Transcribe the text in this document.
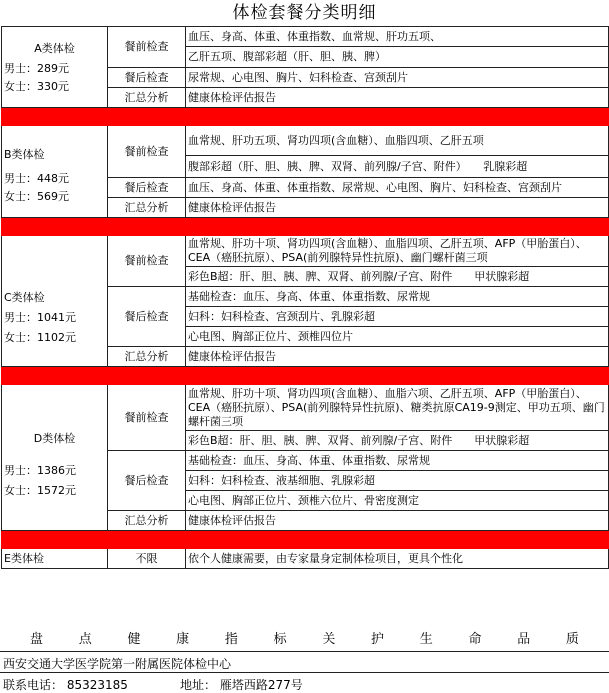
体检套餐分类明细
A类体检
男士：289元
女士：330元	餐前检查	血压、身高、体重、体重指数、血常规、肝功五项、
		乙肝五项、腹部彩超（肝、胆、胰、脾）
	餐后检查	尿常规、心电图、胸片、妇科检查、宫颈刮片
	汇总分析	健康体检评估报告

B类体检
男士：448元
女士：569元	餐前检查	血常规、肝功五项、肾功四项(含血糖）、血脂四项、乙肝五项
		腹部彩超（肝、胆、胰、脾、双肾、前列腺/子宫、附件）　　乳腺彩超
	餐后检查	血压、身高、体重、体重指数、尿常规、心电图、胸片、妇科检查、宫颈刮片
	汇总分析	健康体检评估报告

C类体检
男士：1041元
女士：1102元	餐前检查	血常规、肝功十项、肾功四项(含血糖）、血脂四项、乙肝五项、AFP（甲胎蛋白）、CEA（癌胚抗原）、PSA(前列腺特异性抗原)、幽门螺杆菌三项
		彩色B超：肝、胆、胰、脾、双肾、前列腺/子宫、附件　　甲状腺彩超
	餐后检查	基础检查：血压、身高、体重、体重指数、尿常规
		妇科：妇科检查、宫颈刮片、乳腺彩超
		心电图、胸部正位片、颈椎四位片
	汇总分析	健康体检评估报告

D类体检
男士：1386元
女士：1572元	餐前检查	血常规、肝功十项、肾功四项(含血糖）、血脂六项、乙肝五项、AFP（甲胎蛋白）、CEA（癌胚抗原）、PSA(前列腺特异性抗原)、糖类抗原CA19-9测定、甲功五项、幽门螺杆菌三项
		彩色B超：肝、胆、胰、脾、双肾、前列腺/子宫、附件　　甲状腺彩超
	餐后检查	基础检查：血压、身高、体重、体重指数、尿常规
		妇科：妇科检查、液基细胞、乳腺彩超
		心电图、胸部正位片、颈椎六位片、骨密度测定
	汇总分析	健康体检评估报告

E类体检	不限	依个人健康需要，由专家量身定制体检项目，更具个性化
盘	点	健	康	指	标	关	护	生	命	品	质
西安交通大学医学院第一附属医院体检中心
联系电话： 85323185	地址： 雁塔西路277号
